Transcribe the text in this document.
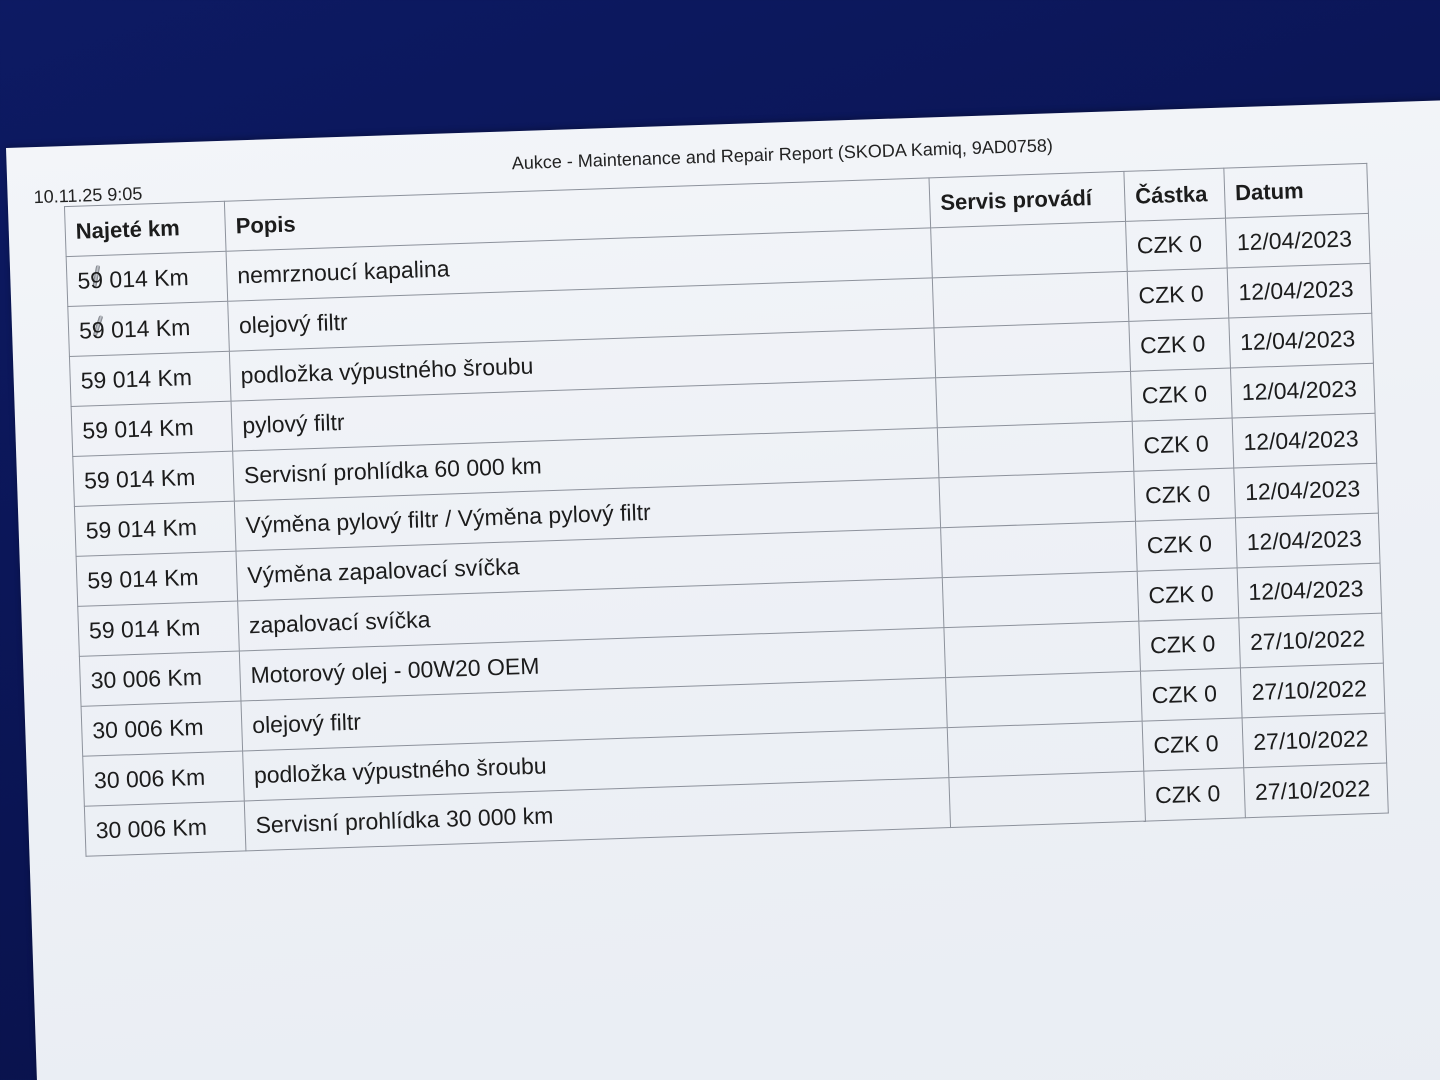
10.11.25 9:05
Aukce - Maintenance and Repair Report (SKODA Kamiq, 9AD0758)
Najeté km	Popis	Servis provádí	Částka	Datum
59 014 Km	nemrznoucí kapalina		CZK 0	12/04/2023
59 014 Km	olejový filtr		CZK 0	12/04/2023
59 014 Km	podložka výpustného šroubu		CZK 0	12/04/2023
59 014 Km	pylový filtr		CZK 0	12/04/2023
59 014 Km	Servisní prohlídka 60 000 km		CZK 0	12/04/2023
59 014 Km	Výměna pylový filtr / Výměna pylový filtr		CZK 0	12/04/2023
59 014 Km	Výměna zapalovací svíčka		CZK 0	12/04/2023
59 014 Km	zapalovací svíčka		CZK 0	12/04/2023
30 006 Km	Motorový olej - 00W20 OEM		CZK 0	27/10/2022
30 006 Km	olejový filtr		CZK 0	27/10/2022
30 006 Km	podložka výpustného šroubu		CZK 0	27/10/2022
30 006 Km	Servisní prohlídka 30 000 km		CZK 0	27/10/2022
